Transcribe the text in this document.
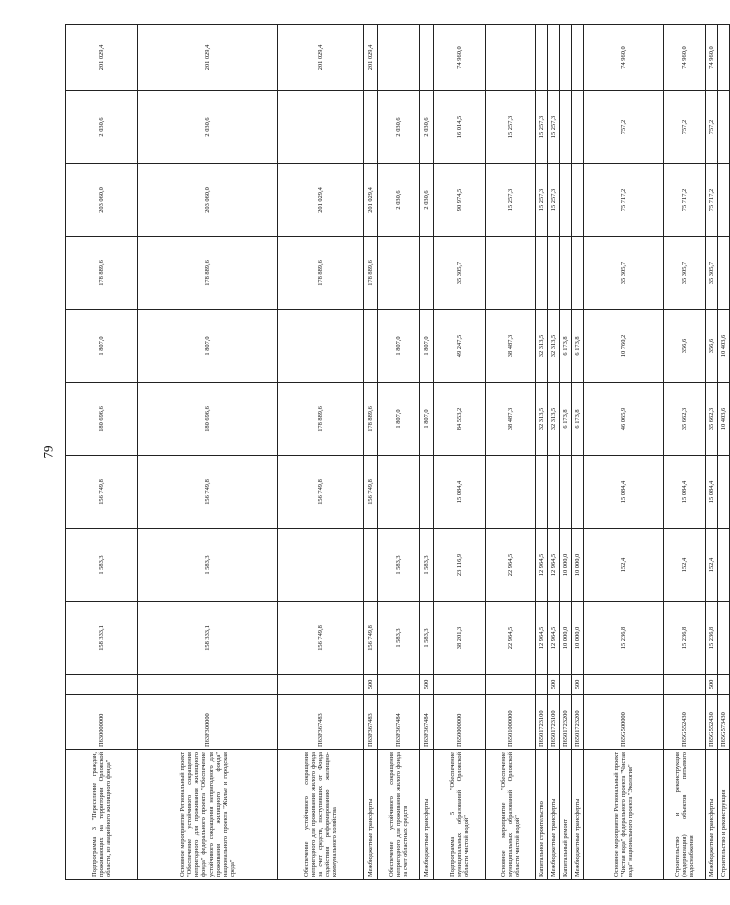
79
Подпрограмма 3 "Переселение граждан, проживающих на территории Орловской области, из аварийного жилищного фонда"	П630000000		158 333,1	1 583,3	156 749,8	180 696,6	1 807,0	178 889,6	203 060,0	2 030,6	201 029,4
Основное мероприятие Региональный проект "Обеспечение устойчивого сокращения непригодного для проживания жилищного фонда" федерального проекта "Обеспечение устойчивого сокращения непригодного для проживания жилищного фонда" национального проекта "Жилье и городская среда"	П63F300000		158 333,1	1 583,3	156 749,8	180 696,6	1 807,0	178 889,6	203 060,0	2 030,6	201 029,4
Обеспечение устойчивого сокращения непригодного для проживания жилого фонда за счет средств, поступивших от Фонда содействия реформированию жилищно-коммунального хозяйства	П63F367483		156 749,8		156 749,8	178 889,6		178 889,6	201 029,4		201 029,4
Межбюджетные трансферты	П63F367483	500	156 749,8		156 749,8	178 889,6		178 889,6	201 029,4		201 029,4
Обеспечение устойчивого сокращения непригодного для проживания жилого фонда за счет областных средств	П63F367484		1 583,3	1 583,3		1 807,0	1 807,0		2 030,6	2 030,6	
Межбюджетные трансферты	П63F367484	500	1 583,3	1 583,3		1 807,0	1 807,0		2 030,6	2 030,6	
Подпрограмма 5 "Обеспечение муниципальных образований Орловской области чистой водой"	П650000000		38 201,3	23 116,9	15 084,4	84 553,2	49 247,5	35 305,7	90 974,5	16 014,5	74 960,0
Основное мероприятие "Обеспечение муниципальных образований Орловской области чистой водой"	П6501000000		22 964,5	22 964,5		38 487,3	38 487,3		15 257,3	15 257,3	
Капитальное строительство	П6501723100		12 964,5	12 964,5		32 313,5	32 313,5		15 257,3	15 257,3	
Межбюджетные трансферты	П6501723100	500	12 964,5	12 964,5		32 313,5	32 313,5		15 257,3	15 257,3	
Капитальный ремонт	П6501723200		10 000,0	10 000,0		6 173,8	6 173,8				
Межбюджетные трансферты	П6501723200	500	10 000,0	10 000,0		6 173,8	6 173,8				
Основное мероприятие Региональный проект "Чистая вода" федерального проекта "Чистая вода" национального проекта "Экология"	П65G500000		15 236,8	152,4	15 084,4	46 065,9	10 760,2	35 305,7	75 717,2	757,2	74 960,0
Строительство и реконструкция (модернизация) объектов питьевого водоснабжения	П65G552430		15 236,8	152,4	15 084,4	35 662,3	356,6	35 305,7	75 717,2	757,2	74 960,0
Межбюджетные трансферты	П65G552430	500	15 236,8	152,4	15 084,4	35 662,3	356,6	35 305,7	75 717,2	757,2	74 960,0
Строительство и реконструкция	П65G573430					10 403,6	10 403,6				
